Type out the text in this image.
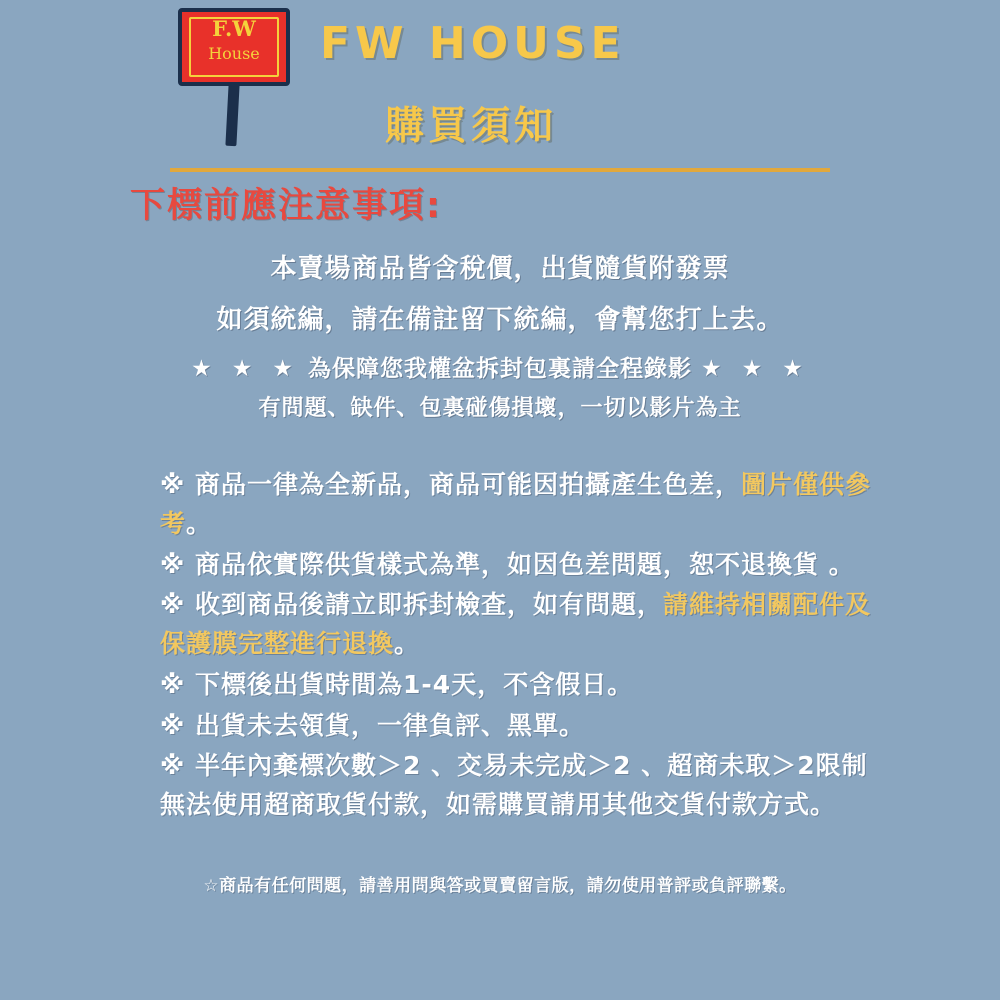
F.W
House	FW HOUSE
購買須知
下標前應注意事項:
本賣場商品皆含稅價，出貨隨貨附發票
如須統編，請在備註留下統編，會幫您打上去。
★ ★ ★ 為保障您我權盆拆封包裏請全程錄影 ★ ★ ★
有問題、缺件、包裏碰傷損壞，一切以影片為主
※ 商品一律為全新品，商品可能因拍攝產生色差，圖片僅供參考。
※ 商品依實際供貨樣式為準，如因色差問題，恕不退換貨 。
※ 收到商品後請立即拆封檢查，如有問題，請維持相關配件及保護膜完整進行退換。
※ 下標後出貨時間為1-4天，不含假日。
※ 出貨未去領貨，一律負評、黑單。
※ 半年內棄標次數＞2 、交易未完成＞2 、超商未取＞2限制無法使用超商取貨付款，如需購買請用其他交貨付款方式。
☆商品有任何問題，請善用問與答或買賣留言版，請勿使用普評或負評聯繫。
